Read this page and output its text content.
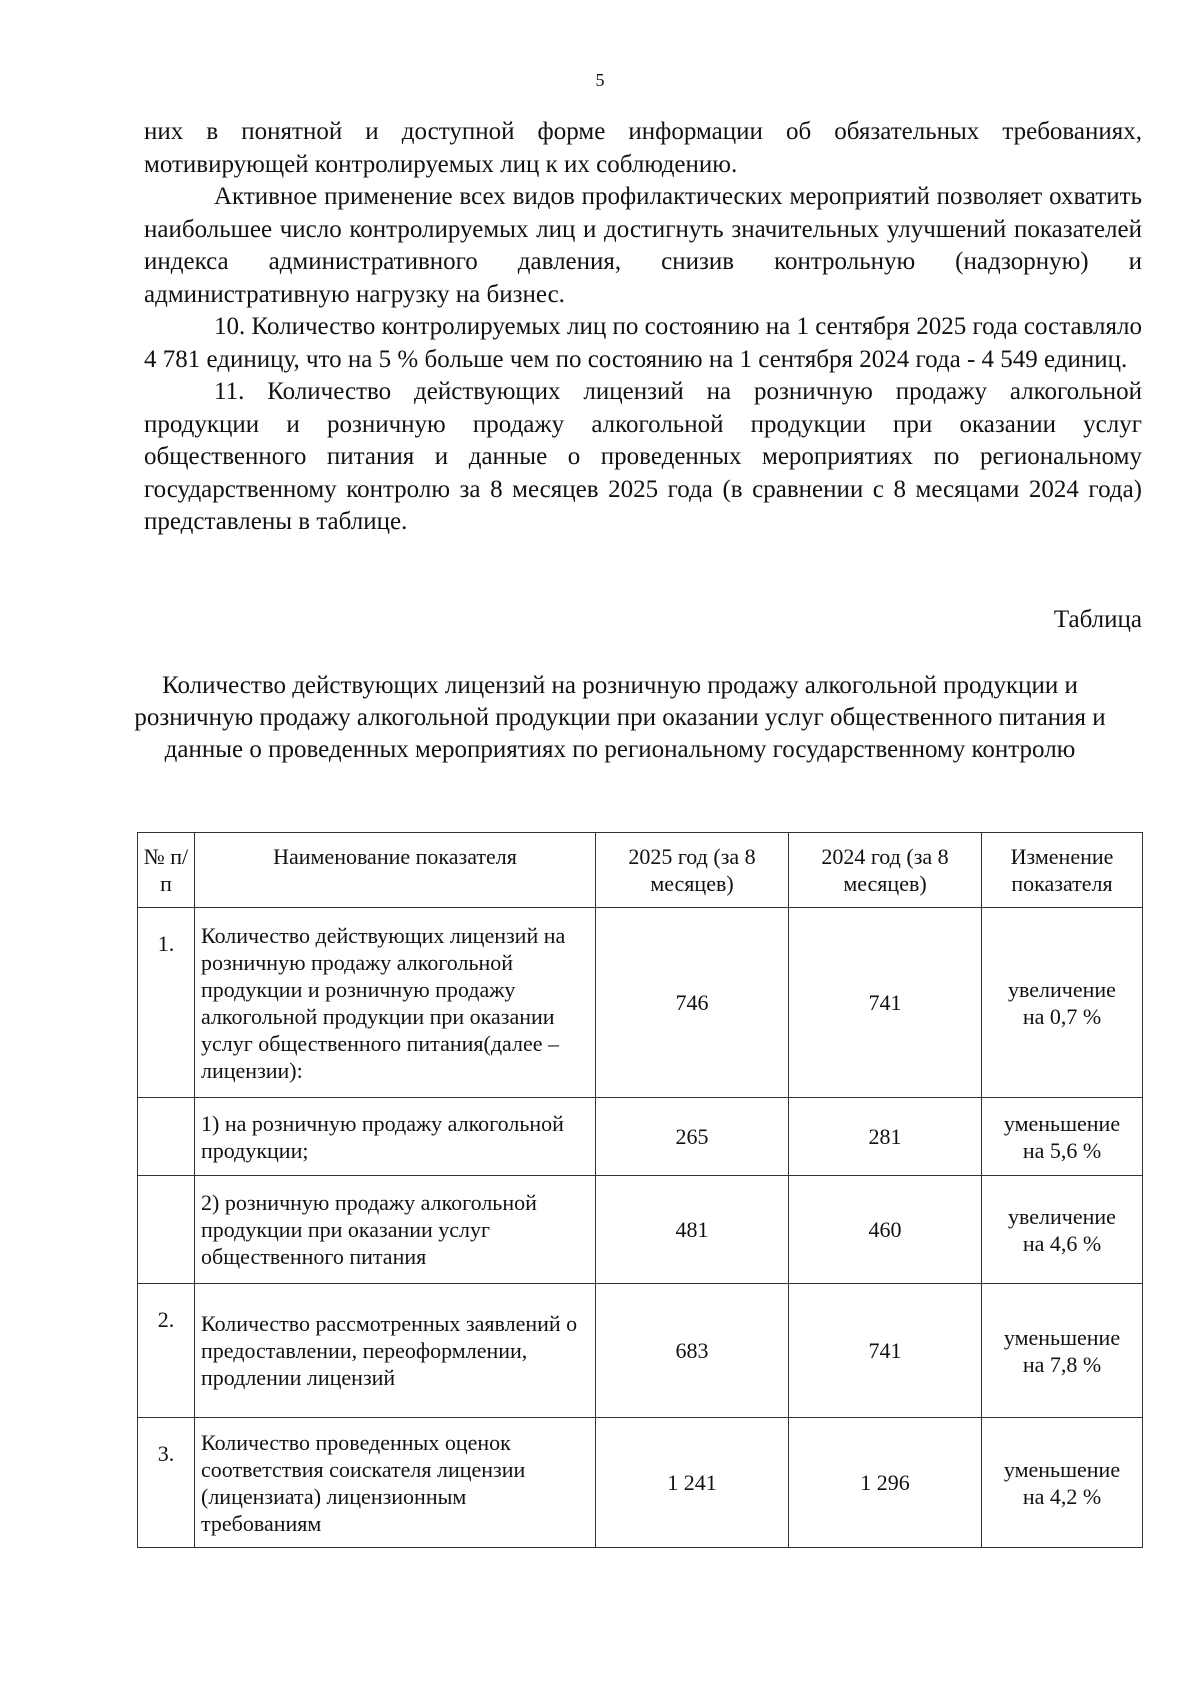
5

них в понятной и доступной форме информации об обязательных требованиях, мотивирующей контролируемых лиц к их соблюдению.

Активное применение всех видов профилактических мероприятий позволяет охватить наибольшее число контролируемых лиц и достигнуть значительных улучшений показателей индекса административного давления, снизив контрольную (надзорную) и административную нагрузку на бизнес.

10. Количество контролируемых лиц по состоянию на 1 сентября 2025 года составляло 4 781 единицу, что на 5 % больше чем по состоянию на 1 сентября 2024 года - 4 549 единиц.

11. Количество действующих лицензий на розничную продажу алкогольной продукции и розничную продажу алкогольной продукции при оказании услуг общественного питания и данные о проведенных мероприятиях по региональному государственному контролю за 8 месяцев 2025 года (в сравнении с 8 месяцами 2024 года) представлены в таблице.

Таблица
Количество действующих лицензий на розничную продажу алкогольной продукции и розничную продажу алкогольной продукции при оказании услуг общественного питания и данные о проведенных мероприятиях по региональному государственному контролю
№ п/п	Наименование показателя	2025 год (за 8 месяцев)	2024 год (за 8 месяцев)	Изменение показателя
1.	Количество действующих лицензий на розничную продажу алкогольной продукции и розничную продажу алкогольной продукции при оказании услуг общественного питания(далее – лицензии):	746	741	увеличение
на 0,7 %
	1) на розничную продажу алкогольной продукции;	265	281	уменьшение
на 5,6 %
	2) розничную продажу алкогольной продукции при оказании услуг общественного питания	481	460	увеличение
на 4,6 %
2.	Количество рассмотренных заявлений о предоставлении, переоформлении, продлении лицензий	683	741	уменьшение
на 7,8 %
3.	Количество проведенных оценок соответствия соискателя лицензии (лицензиата) лицензионным требованиям	1 241	1 296	уменьшение
на 4,2 %
